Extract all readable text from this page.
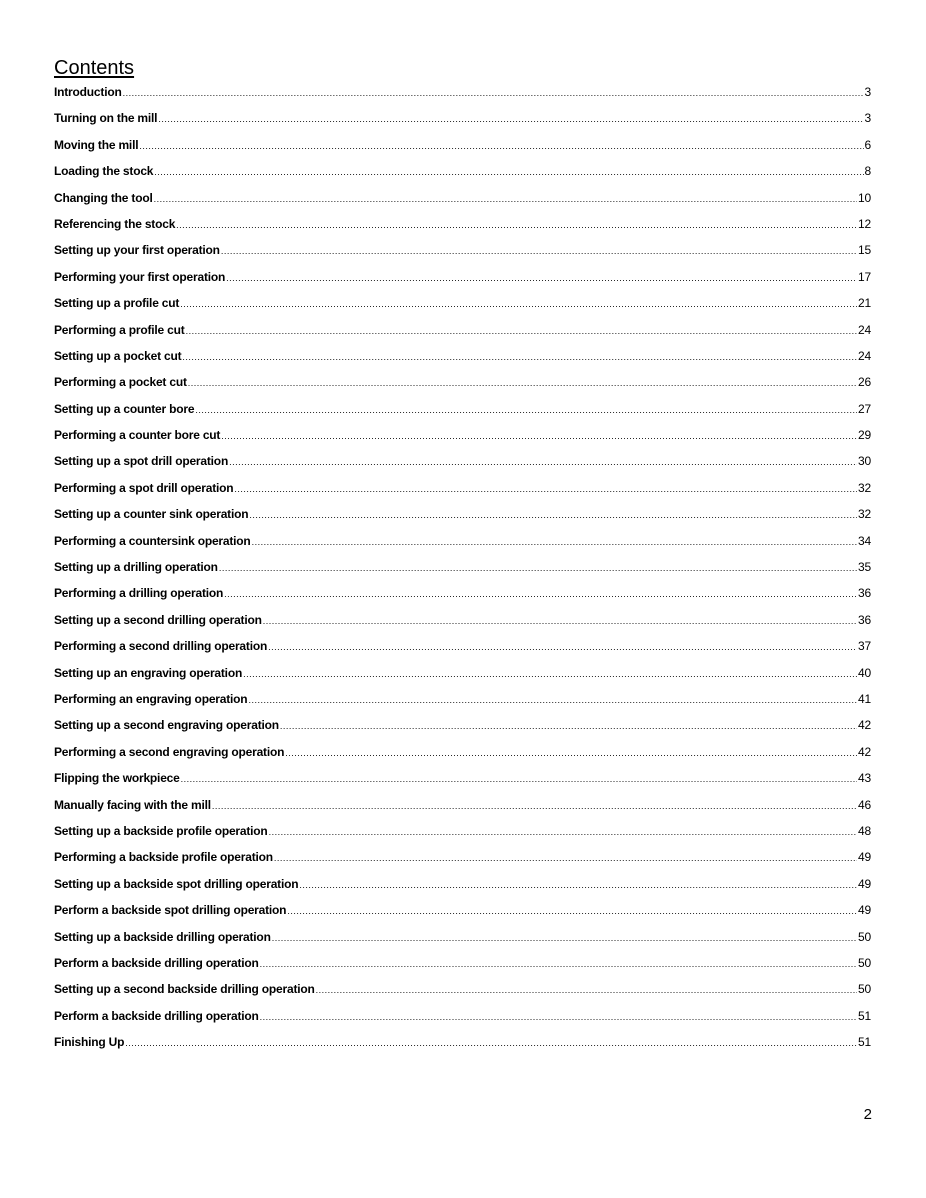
Contents
Introduction .....	3
Turning on the mill .....	3
Moving the mill .....	6
Loading the stock .....	8
Changing the tool .....	10
Referencing the stock .....	12
Setting up your first operation .....	15
Performing your first operation .....	17
Setting up a profile cut .....	21
Performing a profile cut .....	24
Setting up a pocket cut .....	24
Performing a pocket cut .....	26
Setting up a counter bore .....	27
Performing a counter bore cut .....	29
Setting up a spot drill operation .....	30
Performing a spot drill operation .....	32
Setting up a counter sink operation .....	32
Performing a countersink operation .....	34
Setting up a drilling operation .....	35
Performing a drilling operation .....	36
Setting up a second drilling operation .....	36
Performing a second drilling operation .....	37
Setting up an engraving operation .....	40
Performing an engraving operation .....	41
Setting up a second engraving operation .....	42
Performing a second engraving operation .....	42
Flipping the workpiece .....	43
Manually facing with the mill .....	46
Setting up a backside profile operation .....	48
Performing a backside profile operation .....	49
Setting up a backside spot drilling operation .....	49
Perform a backside spot drilling operation .....	49
Setting up a backside drilling operation .....	50
Perform a backside drilling operation .....	50
Setting up a second backside drilling operation .....	50
Perform a backside drilling operation .....	51
Finishing Up .....	51
2
